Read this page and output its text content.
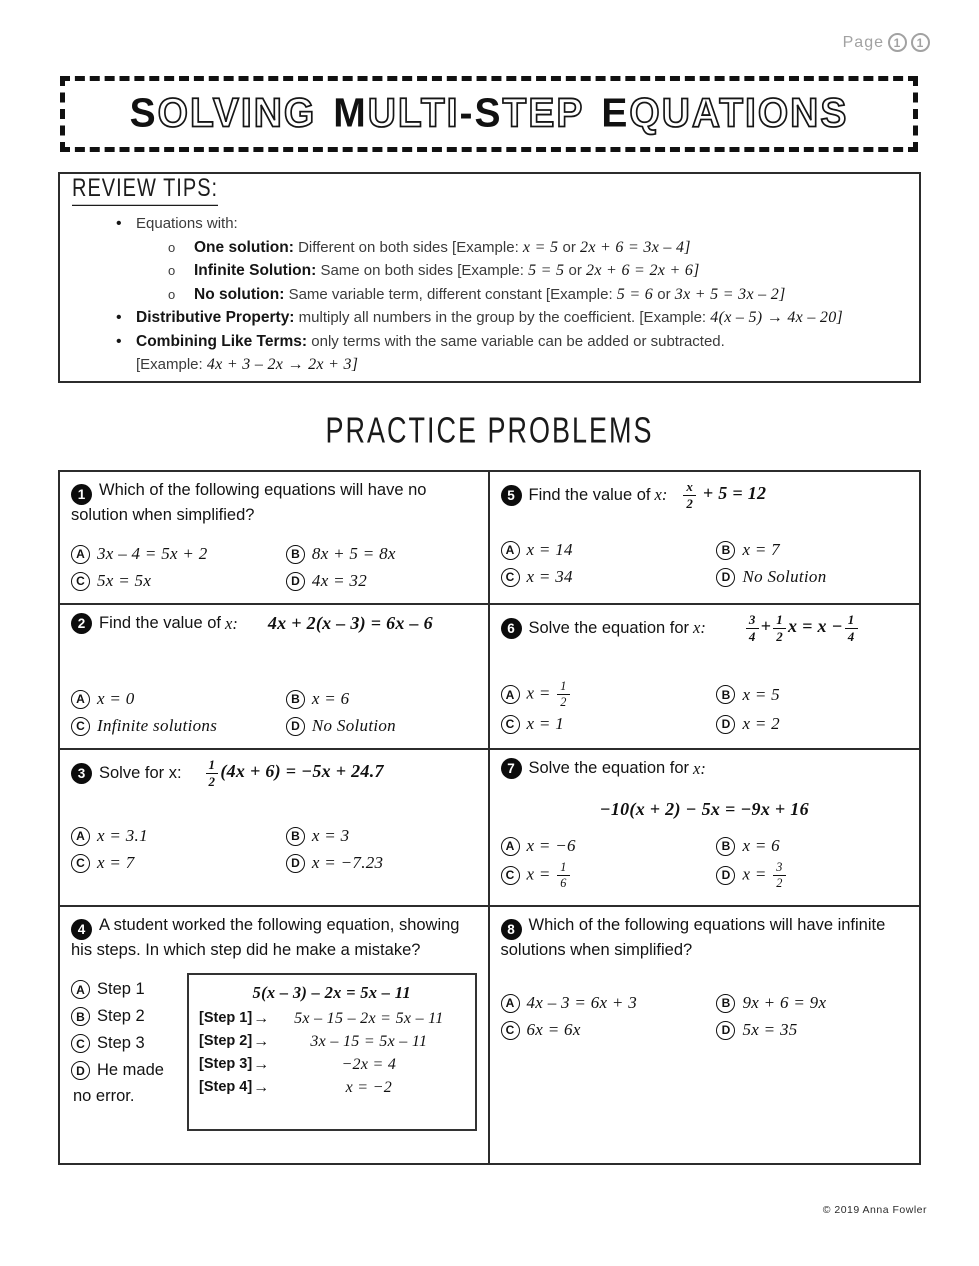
Page 1	1
S OLVING M ULTI - S TEP E QUATIONS
REVIEW TIPS:
• Equations with:
o One solution: Different on both sides [Example: x = 5 or 2x + 6 = 3x – 4]
o Infinite Solution: Same on both sides [Example: 5 = 5 or 2x + 6 = 2x + 6]
o No solution: Same variable term, different constant [Example: 5 = 6 or 3x + 5 = 3x – 2]
• Distributive Property: multiply all numbers in the group by the coefficient. [Example: 4(x – 5) → 4x – 20]
• Combining Like Terms: only terms with the same variable can be added or subtracted.
[Example: 4x + 3 – 2x → 2x + 3]
PRACTICE PROBLEMS

1 Which of the following equations will have no solution when simplified?

A 3x – 4 = 5x + 2	B 8x + 5 = 8x
C 5x = 5x	D 4x = 32
5 Find the value of x: $\frac{x}{2} + 5 = 12$
A x = 14	B x = 7
C x = 34	D No Solution
2 Find the value of x: 4x + 2(x – 3) = 6x – 6
A x = 0	B x = 6
C Infinite solutions	D No Solution
6 Solve the equation for x:	$\frac{3}{4} + \frac{1}{2}$ $x = x - \frac{1}{4}$
A $x = \frac{1}{2}$	B x = 5
C x = 1	D x = 2
3 Solve for x: $\frac{1}{2} (4x + 6) = -5x + 24.7$
A x = 3.1	B x = 3
C x = 7	D x = −7.23
7 Solve the equation for x:
−10(x + 2) − 5x = −9x + 16
A x = −6	B x = 6
C $x = \frac{1}{6}$	D $x = \frac{3}{2}$

4 A student worked the following equation, showing his steps. In which step did he make a mistake?

A Step 1
B Step 2
C Step 3
D He made
no error.
5(x – 3) – 2x = 5x – 11
[Step 1] →	5x – 15 – 2x = 5x – 11
[Step 2] →	3x – 15 = 5x – 11
[Step 3] →	−2x = 4
[Step 4] →	x = −2

8 Which of the following equations will have infinite solutions when simplified?

A 4x – 3 = 6x + 3	B 9x + 6 = 9x
C 6x = 6x	D 5x = 35
© 2019 Anna Fowler
